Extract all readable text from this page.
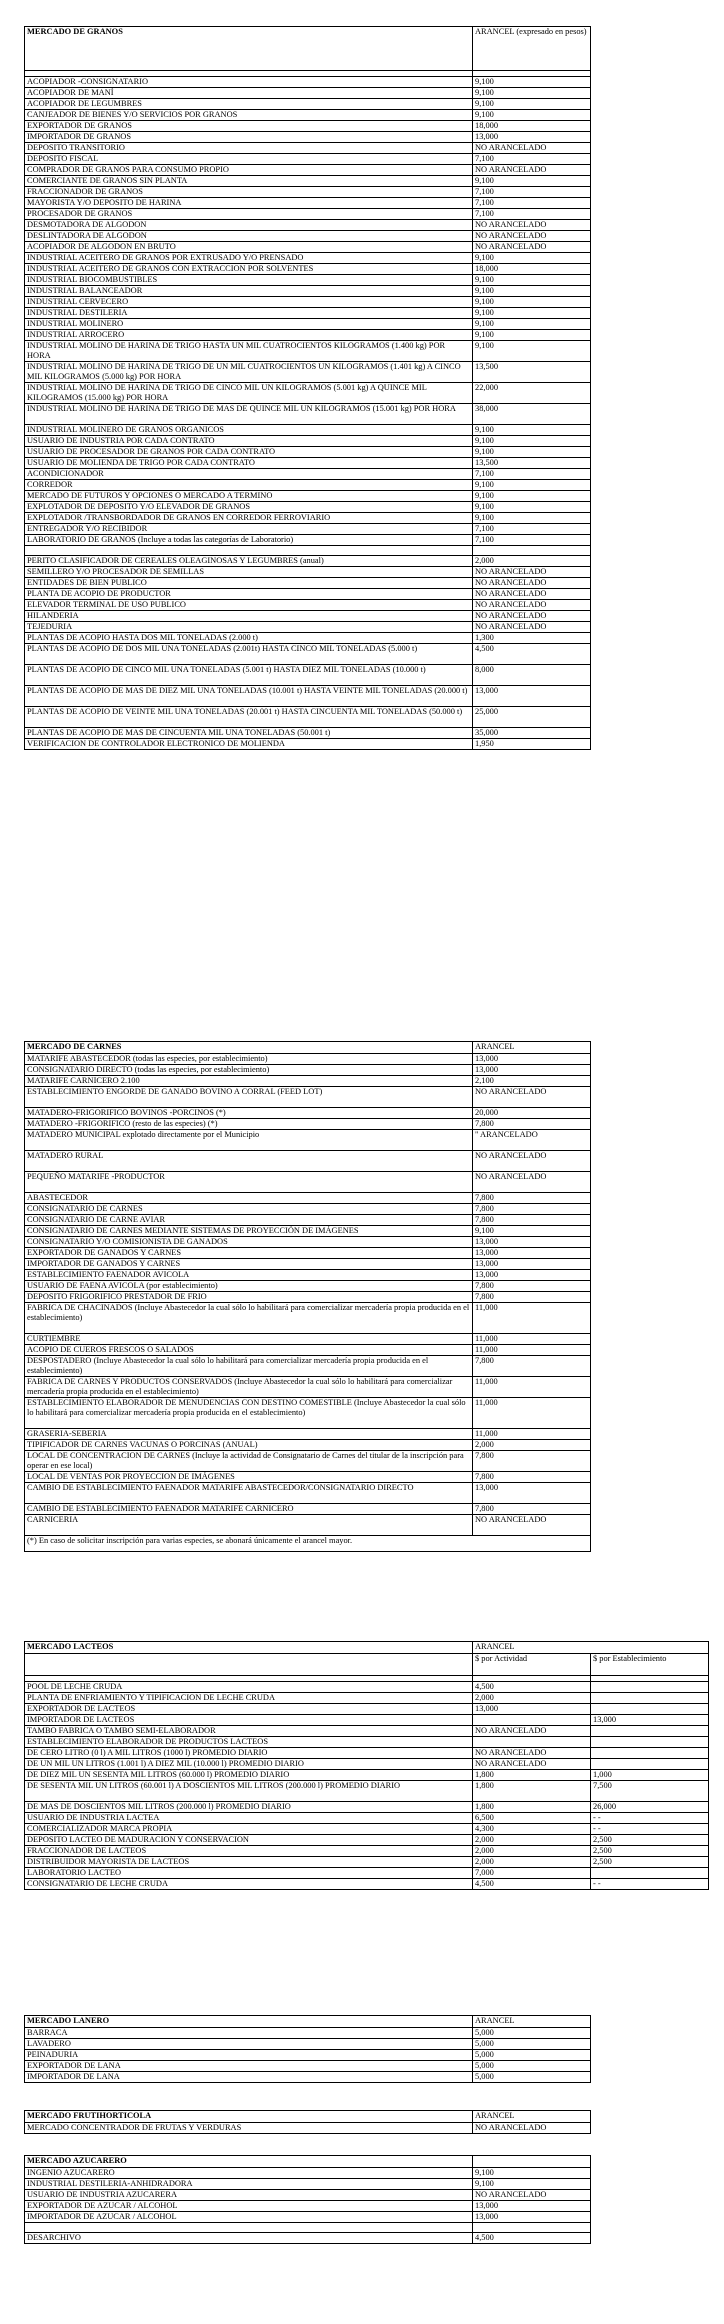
MERCADO DE GRANOS	ARANCEL (expresado en pesos)

ACOPIADOR -CONSIGNATARIO	9,100
ACOPIADOR DE MANÍ	9,100
ACOPIADOR DE LEGUMBRES	9,100
CANJEADOR DE BIENES Y/O SERVICIOS POR GRANOS	9,100
EXPORTADOR DE GRANOS	18,000
IMPORTADOR DE GRANOS	13,000
DEPOSITO TRANSITORIO	NO ARANCELADO
DEPOSITO FISCAL	7,100
COMPRADOR DE GRANOS PARA CONSUMO PROPIO	NO ARANCELADO
COMERCIANTE DE GRANOS SIN PLANTA	9,100
FRACCIONADOR DE GRANOS	7,100
MAYORISTA Y/O DEPOSITO DE HARINA	7,100
PROCESADOR DE GRANOS	7,100
DESMOTADORA DE ALGODON	NO ARANCELADO
DESLINTADORA DE ALGODON	NO ARANCELADO
ACOPIADOR DE ALGODON EN BRUTO	NO ARANCELADO
INDUSTRIAL ACEITERO DE GRANOS POR EXTRUSADO Y/O PRENSADO	9,100
INDUSTRIAL ACEITERO DE GRANOS CON EXTRACCION POR SOLVENTES	18,000
INDUSTRIAL BIOCOMBUSTIBLES	9,100
INDUSTRIAL BALANCEADOR	9,100
INDUSTRIAL CERVECERO	9,100
INDUSTRIAL DESTILERIA	9,100
INDUSTRIAL MOLINERO	9,100
INDUSTRIAL ARROCERO	9,100
INDUSTRIAL MOLINO DE HARINA DE TRIGO HASTA UN MIL CUATROCIENTOS KILOGRAMOS (1.400 kg) POR HORA	9,100
INDUSTRIAL MOLINO DE HARINA DE TRIGO DE UN MIL CUATROCIENTOS UN KILOGRAMOS (1.401 kg) A CINCO MIL KILOGRAMOS (5.000 kg) POR HORA	13,500
INDUSTRIAL MOLINO DE HARINA DE TRIGO DE CINCO MIL UN KILOGRAMOS (5.001 kg) A QUINCE MIL KILOGRAMOS (15.000 kg) POR HORA	22,000
INDUSTRIAL MOLINO DE HARINA DE TRIGO DE MAS DE QUINCE MIL UN KILOGRAMOS (15.001 kg) POR HORA	38,000
INDUSTRIAL MOLINERO DE GRANOS ORGANICOS	9,100
USUARIO DE INDUSTRIA POR CADA CONTRATO	9,100
USUARIO DE PROCESADOR DE GRANOS POR CADA CONTRATO	9,100
USUARIO DE MOLIENDA DE TRIGO POR CADA CONTRATO	13,500
ACONDICIONADOR	7,100
CORREDOR	9,100
MERCADO DE FUTUROS Y OPCIONES O MERCADO A TERMINO	9,100
EXPLOTADOR DE DEPOSITO Y/O ELEVADOR DE GRANOS	9,100
EXPLOTADOR /TRANSBORDADOR DE GRANOS EN CORREDOR FERROVIARIO	9,100
ENTREGADOR Y/O RECIBIDOR	7,100
LABORATORIO DE GRANOS (Incluye a todas las categorías de Laboratorio)	7,100

PERITO CLASIFICADOR DE CEREALES OLEAGINOSAS Y LEGUMBRES (anual)	2,000
SEMILLERO Y/O PROCESADOR DE SEMILLAS	NO ARANCELADO
ENTIDADES DE BIEN PUBLICO	NO ARANCELADO
PLANTA DE ACOPIO DE PRODUCTOR	NO ARANCELADO
ELEVADOR TERMINAL DE USO PUBLICO	NO ARANCELADO
HILANDERIA	NO ARANCELADO
TEJEDURIA	NO ARANCELADO
PLANTAS DE ACOPIO HASTA DOS MIL TONELADAS (2.000 t)	1,300
PLANTAS DE ACOPIO DE DOS MIL UNA TONELADAS (2.001t) HASTA CINCO MIL TONELADAS (5.000 t)	4,500
PLANTAS DE ACOPIO DE CINCO MIL UNA TONELADAS (5.001 t) HASTA DIEZ MIL TONELADAS (10.000 t)	8,000
PLANTAS DE ACOPIO DE MAS DE DIEZ MIL UNA TONELADAS (10.001 t) HASTA VEINTE MIL TONELADAS (20.000 t)	13,000
PLANTAS DE ACOPIO DE VEINTE MIL UNA TONELADAS (20.001 t) HASTA CINCUENTA MIL TONELADAS (50.000 t)	25,000
PLANTAS DE ACOPIO DE MAS DE CINCUENTA MIL UNA TONELADAS (50.001 t)	35,000
VERIFICACION DE CONTROLADOR ELECTRONICO DE MOLIENDA	1,950
MERCADO DE CARNES	ARANCEL
MATARIFE ABASTECEDOR (todas las especies, por establecimiento)	13,000
CONSIGNATARIO DIRECTO (todas las especies, por establecimiento)	13,000
MATARIFE CARNICERO 2.100	2,100
ESTABLECIMIENTO ENGORDE DE GANADO BOVINO A CORRAL (FEED LOT)	NO ARANCELADO
MATADERO-FRIGORIFICO BOVINOS -PORCINOS (*)	20,000
MATADERO -FRIGORIFICO (resto de las especies) (*)	7,800
MATADERO MUNICIPAL explotado directamente por el Municipio	" ARANCELADO
MATADERO RURAL	NO ARANCELADO
PEQUEÑO MATARIFE -PRODUCTOR	NO ARANCELADO
ABASTECEDOR	7,800
CONSIGNATARIO DE CARNES	7,800
CONSIGNATARIO DE CARNE AVIAR	7,800
CONSIGNATARIO DE CARNES MEDIANTE SISTEMAS DE PROYECCIÓN DE IMÁGENES	9,100
CONSIGNATARIO Y/O COMISIONISTA DE GANADOS	13,000
EXPORTADOR DE GANADOS Y CARNES	13,000
IMPORTADOR DE GANADOS Y CARNES	13,000
ESTABLECIMIENTO FAENADOR AVICOLA	13,000
USUARIO DE FAENA AVICOLA (por establecimiento)	7,800
DEPOSITO FRIGORIFICO PRESTADOR DE FRIO	7,800
FABRICA DE CHACINADOS (Incluye Abastecedor la cual sólo lo habilitará para comercializar mercadería propia producida en el establecimiento)	11,000
CURTIEMBRE	11,000
ACOPIO DE CUEROS FRESCOS O SALADOS	11,000
DESPOSTADERO (Incluye Abastecedor la cual sólo lo habilitará para comercializar mercadería propia producida en el establecimiento)	7,800
FABRICA DE CARNES Y PRODUCTOS CONSERVADOS (Incluye Abastecedor la cual sólo lo habilitará para comercializar mercadería propia producida en el establecimiento)	11,000
ESTABLECIMIENTO ELABORADOR DE MENUDENCIAS CON DESTINO COMESTIBLE (Incluye Abastecedor la cual sólo lo habilitará para comercializar mercadería propia producida en el establecimiento)	11,000
GRASERIA-SEBERIA	11,000
TIPIFICADOR DE CARNES VACUNAS O PORCINAS (ANUAL)	2,000
LOCAL DE CONCENTRACION DE CARNES (Incluye la actividad de Consignatario de Carnes del titular de la inscripción para operar en ese local)	7,800
LOCAL DE VENTAS POR PROYECCION DE IMÁGENES	7,800
CAMBIO DE ESTABLECIMIENTO FAENADOR MATARIFE ABASTECEDOR/CONSIGNATARIO DIRECTO	13,000
CAMBIO DE ESTABLECIMIENTO FAENADOR MATARIFE CARNICERO	7,800
CARNICERIA	NO ARANCELADO
(*) En caso de solicitar inscripción para varias especies, se abonará únicamente el arancel mayor.	
MERCADO LACTEOS	ARANCEL	
	$ por Actividad	$ por Establecimiento

POOL DE LECHE CRUDA	4,500	
PLANTA DE ENFRIAMIENTO Y TIPIFICACION DE LECHE CRUDA	2,000	
EXPORTADOR DE LACTEOS	13,000	
IMPORTADOR DE LACTEOS		13,000
TAMBO FABRICA O TAMBO SEMI-ELABORADOR	NO ARANCELADO	
ESTABLECIMIENTO ELABORADOR DE PRODUCTOS LACTEOS		
DE CERO LITRO (0 l) A MIL LITROS (1000 l) PROMEDIO DIARIO	NO ARANCELADO	
DE UN MIL UN LITROS (1.001 l) A DIEZ MIL (10.000 l) PROMEDIO DIARIO	NO ARANCELADO	
DE DIEZ MIL UN SESENTA MIL LITROS (60.000 l) PROMEDIO DIARIO	1,800	1,000
DE SESENTA MIL UN LITROS (60.001 l) A DOSCIENTOS MIL LITROS (200.000 l) PROMEDIO DIARIO	1,800	7,500
DE MAS DE DOSCIENTOS MIL LITROS (200.000 l) PROMEDIO DIARIO	1,800	26,000
USUARIO DE INDUSTRIA LACTEA	6,500	- -
COMERCIALIZADOR MARCA PROPIA	4,300	- -
DEPOSITO LACTEO DE MADURACION Y CONSERVACION	2,000	2,500
FRACCIONADOR DE LACTEOS	2,000	2,500
DISTRIBUIDOR MAYORISTA DE LACTEOS	2,000	2,500
LABORATORIO LACTEO	7,000	
CONSIGNATARIO DE LECHE CRUDA	4,500	- -
MERCADO LANERO	ARANCEL
BARRACA	5,000
LAVADERO	5,000
PEINADURIA	5,000
EXPORTADOR DE LANA	5,000
IMPORTADOR DE LANA	5,000
MERCADO FRUTIHORTICOLA	ARANCEL
MERCADO CONCENTRADOR DE FRUTAS Y VERDURAS	NO ARANCELADO
MERCADO AZUCARERO	
INGENIO AZUCARERO	9,100
INDUSTRIAL DESTILERIA-ANHIDRADORA	9,100
USUARIO DE INDUSTRIA AZUCARERA	NO ARANCELADO
EXPORTADOR DE AZUCAR / ALCOHOL	13,000
IMPORTADOR DE AZUCAR / ALCOHOL	13,000

DESARCHIVO	4,500
